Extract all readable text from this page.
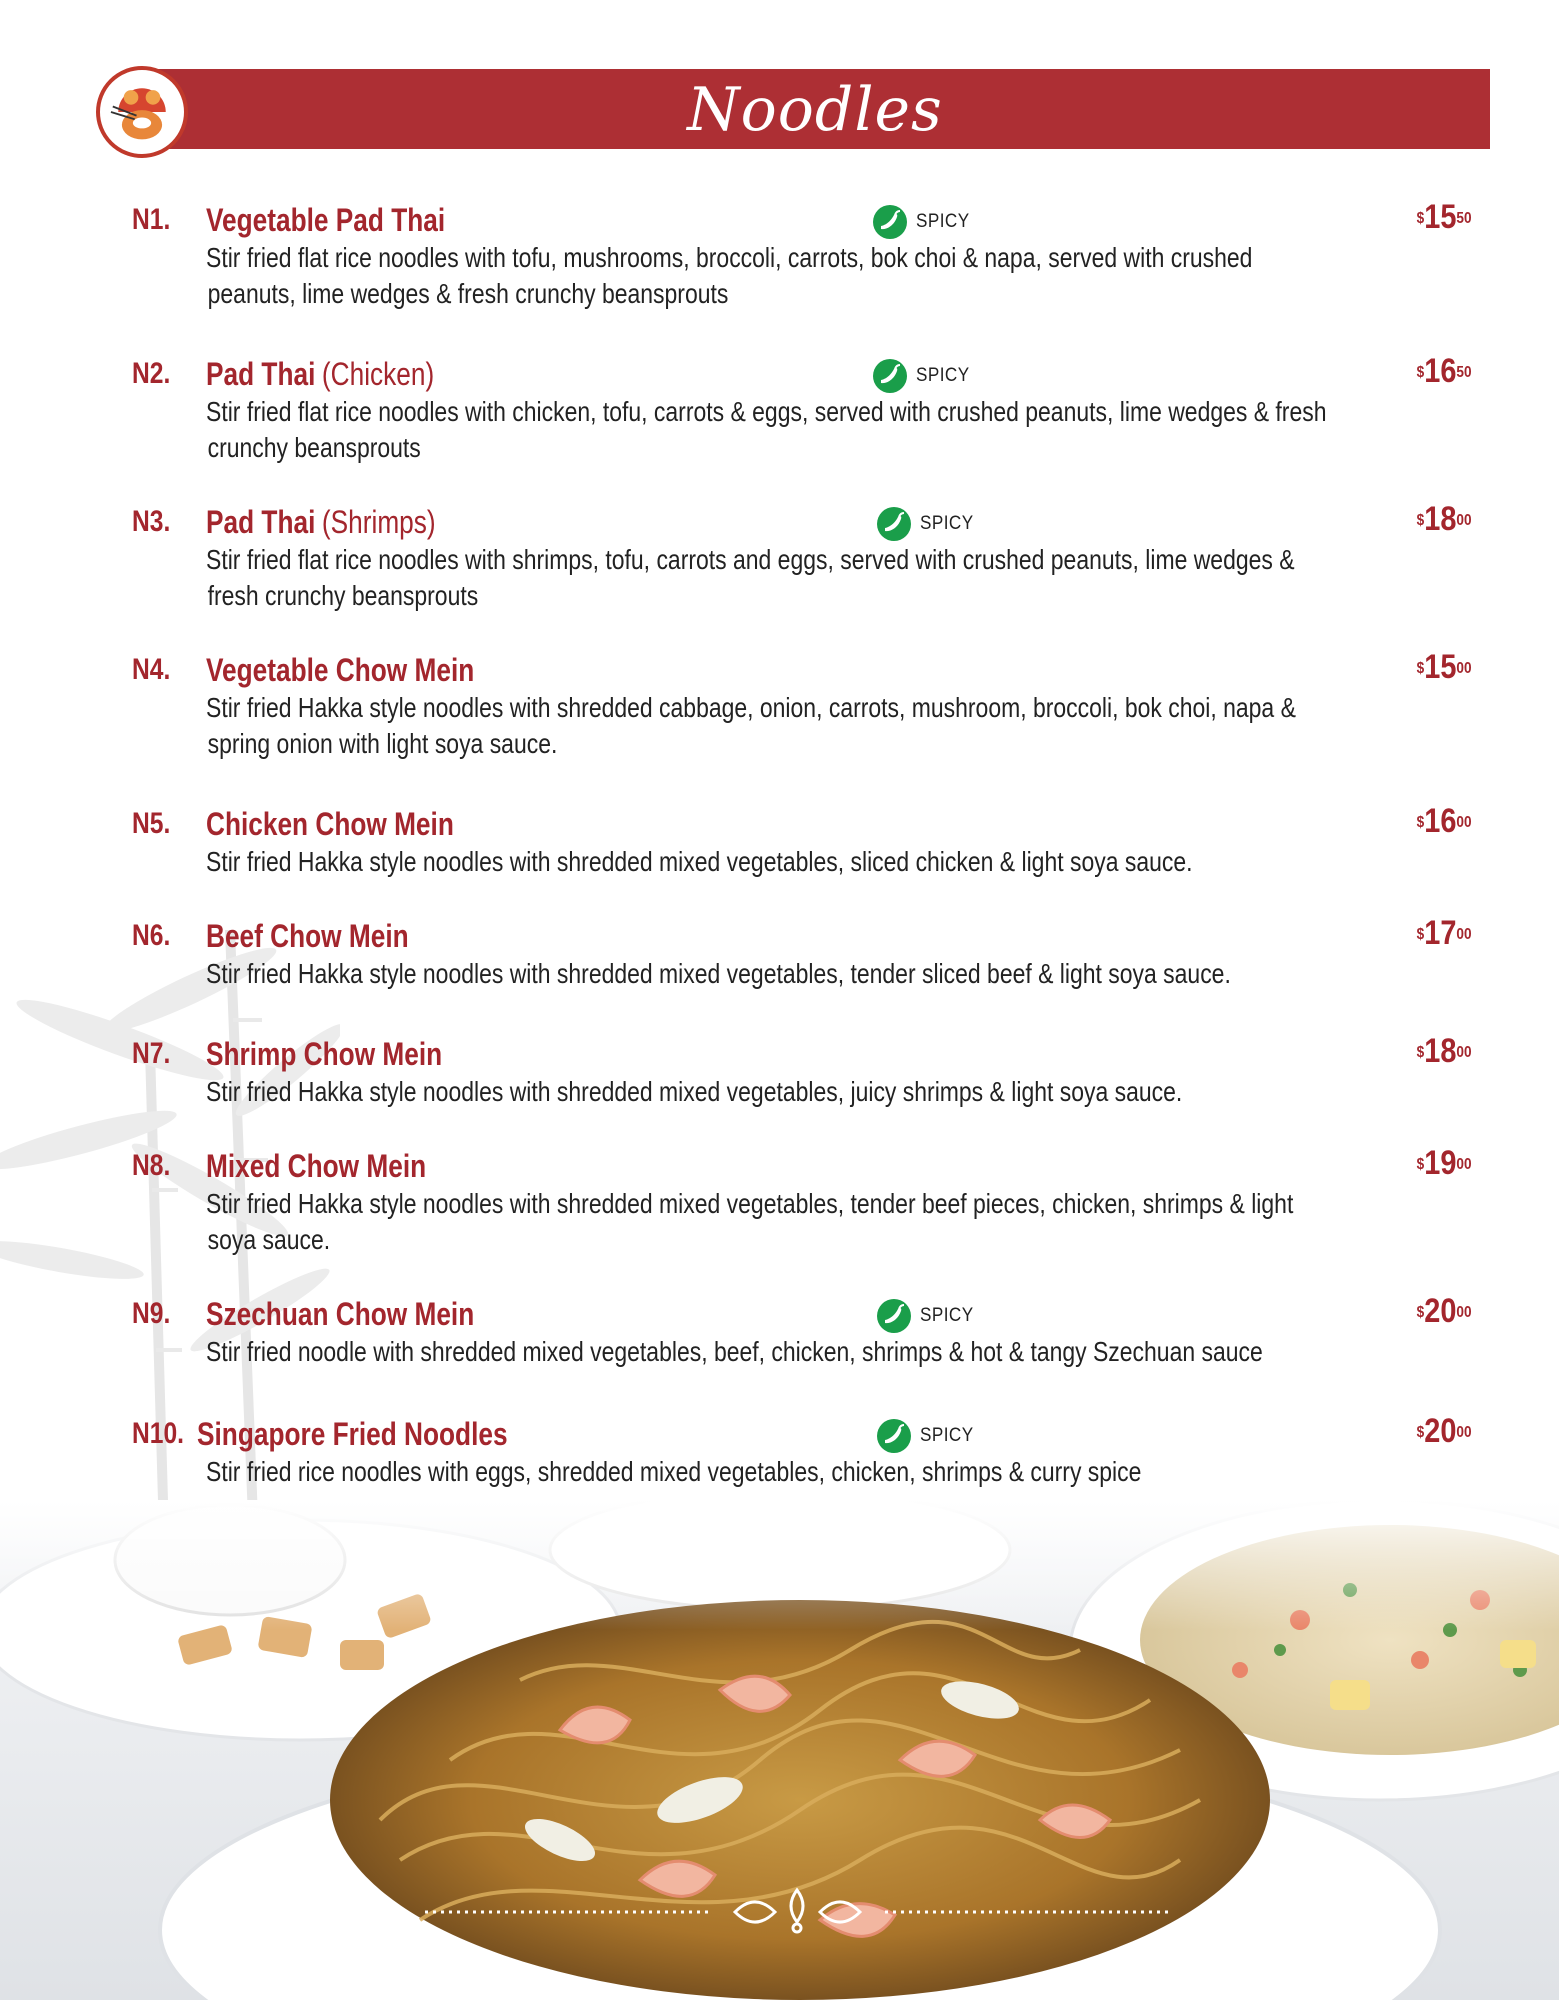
Noodles
N1. Vegetable Pad Thai	SPICY	$^{\$}15^{50}$
Stir fried flat rice noodles with tofu, mushrooms, broccoli, carrots, bok choi & napa, served with crushed
peanuts, lime wedges & fresh crunchy beansprouts
N2. Pad Thai (Chicken)	SPICY	$^{\$}16^{50}$
Stir fried flat rice noodles with chicken, tofu, carrots & eggs, served with crushed peanuts, lime wedges & fresh
crunchy beansprouts
N3. Pad Thai (Shrimps)	SPICY	$^{\$}18^{00}$
Stir fried flat rice noodles with shrimps, tofu, carrots and eggs, served with crushed peanuts, lime wedges &
fresh crunchy beansprouts
N4. Vegetable Chow Mein	$^{\$}15^{00}$
Stir fried Hakka style noodles with shredded cabbage, onion, carrots, mushroom, broccoli, bok choi, napa &
spring onion with light soya sauce.
N5. Chicken Chow Mein	$^{\$}16^{00}$
Stir fried Hakka style noodles with shredded mixed vegetables, sliced chicken & light soya sauce.
N6. Beef Chow Mein	$^{\$}17^{00}$
Stir fried Hakka style noodles with shredded mixed vegetables, tender sliced beef & light soya sauce.
N7. Shrimp Chow Mein	$^{\$}18^{00}$
Stir fried Hakka style noodles with shredded mixed vegetables, juicy shrimps & light soya sauce.
N8. Mixed Chow Mein	$^{\$}19^{00}$
Stir fried Hakka style noodles with shredded mixed vegetables, tender beef pieces, chicken, shrimps & light
soya sauce.
N9. Szechuan Chow Mein	SPICY	$^{\$}20^{00}$
Stir fried noodle with shredded mixed vegetables, beef, chicken, shrimps & hot & tangy Szechuan sauce
N10. Singapore Fried Noodles	SPICY	$^{\$}20^{00}$
Stir fried rice noodles with eggs, shredded mixed vegetables, chicken, shrimps & curry spice
